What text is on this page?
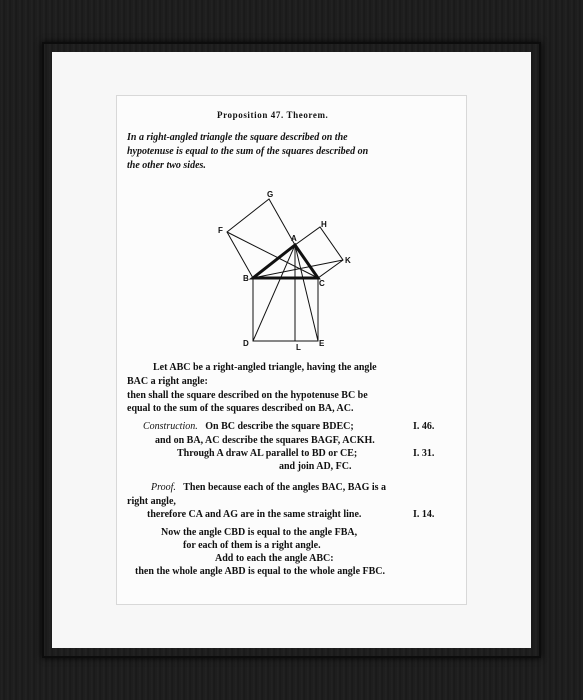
Proposition 47. Theorem.
In a right-angled triangle the square described on the
hypotenuse is equal to the sum of the squares described on
the other two sides.
G
F
A
H
K
B
C
D	L E
Let ABC be a right-angled triangle, having the angle
BAC a right angle:
then shall the square described on the hypotenuse BC be
equal to the sum of the squares described on BA, AC.
Construction. On BC describe the square BDEC;	I. 46.
and on BA, AC describe the squares BAGF, ACKH.
Through A draw AL parallel to BD or CE;	I. 31.
and join AD, FC.
Proof. Then because each of the angles BAC, BAG is a
right angle,
therefore CA and AG are in the same straight line.	I. 14.
Now the angle CBD is equal to the angle FBA,
for each of them is a right angle.
Add to each the angle ABC:
then the whole angle ABD is equal to the whole angle FBC.
